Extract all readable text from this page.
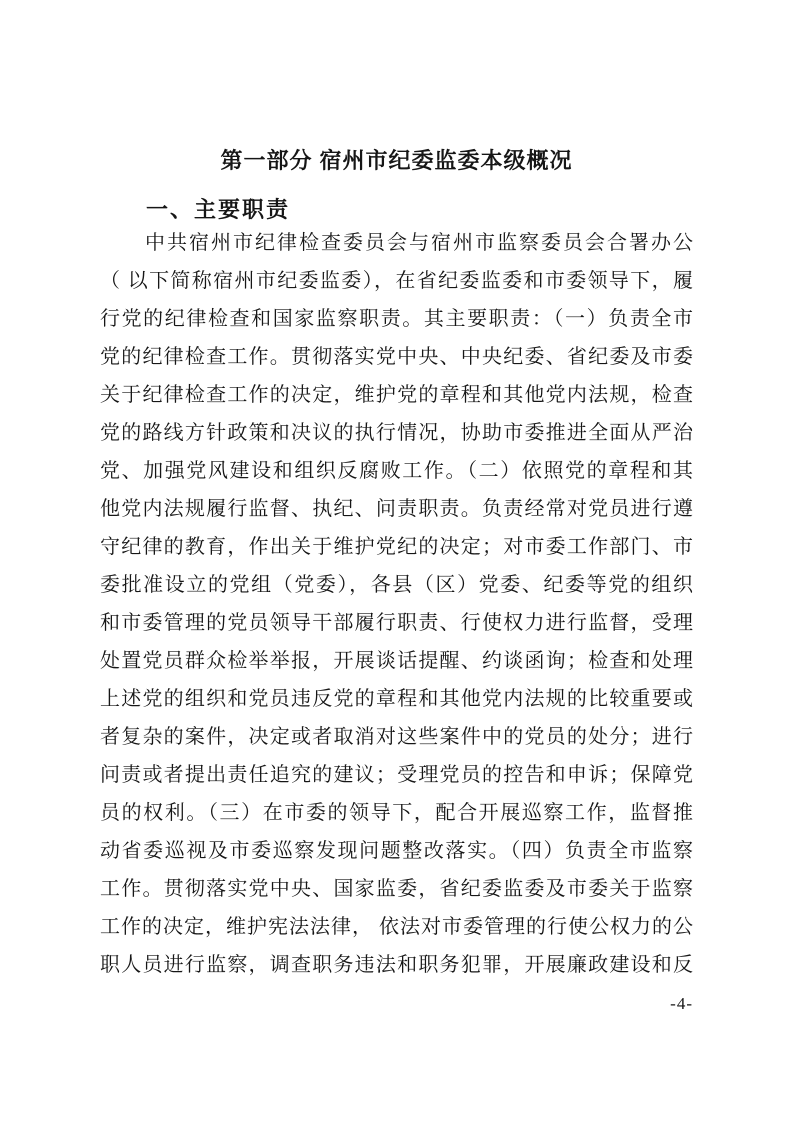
第一部分 宿州市纪委监委本级概况
一、主要职责
中共宿州市纪律检查委员会与宿州市监察委员会合署办公
（ 以下简称宿州市纪委监委），在省纪委监委和市委领导下，履
行党的纪律检查和国家监察职责。其主要职责：（一）负责全市
党的纪律检查工作。贯彻落实党中央、中央纪委、省纪委及市委
关于纪律检查工作的决定，维护党的章程和其他党内法规，检查
党的路线方针政策和决议的执行情况，协助市委推进全面从严治
党、加强党风建设和组织反腐败工作。（二）依照党的章程和其
他党内法规履行监督、执纪、问责职责。负责经常对党员进行遵
守纪律的教育，作出关于维护党纪的决定；对市委工作部门、市
委批准设立的党组（党委），各县（区）党委、纪委等党的组织
和市委管理的党员领导干部履行职责、行使权力进行监督，受理
处置党员群众检举举报，开展谈话提醒、约谈函询；检查和处理
上述党的组织和党员违反党的章程和其他党内法规的比较重要或
者复杂的案件，决定或者取消对这些案件中的党员的处分；进行
问责或者提出责任追究的建议；受理党员的控告和申诉；保障党
员的权利。（三）在市委的领导下，配合开展巡察工作，监督推
动省委巡视及市委巡察发现问题整改落实。（四）负责全市监察
工作。贯彻落实党中央、国家监委，省纪委监委及市委关于监察
工作的决定，维护宪法法律， 依法对市委管理的行使公权力的公
职人员进行监察，调查职务违法和职务犯罪，开展廉政建设和反
-4-
